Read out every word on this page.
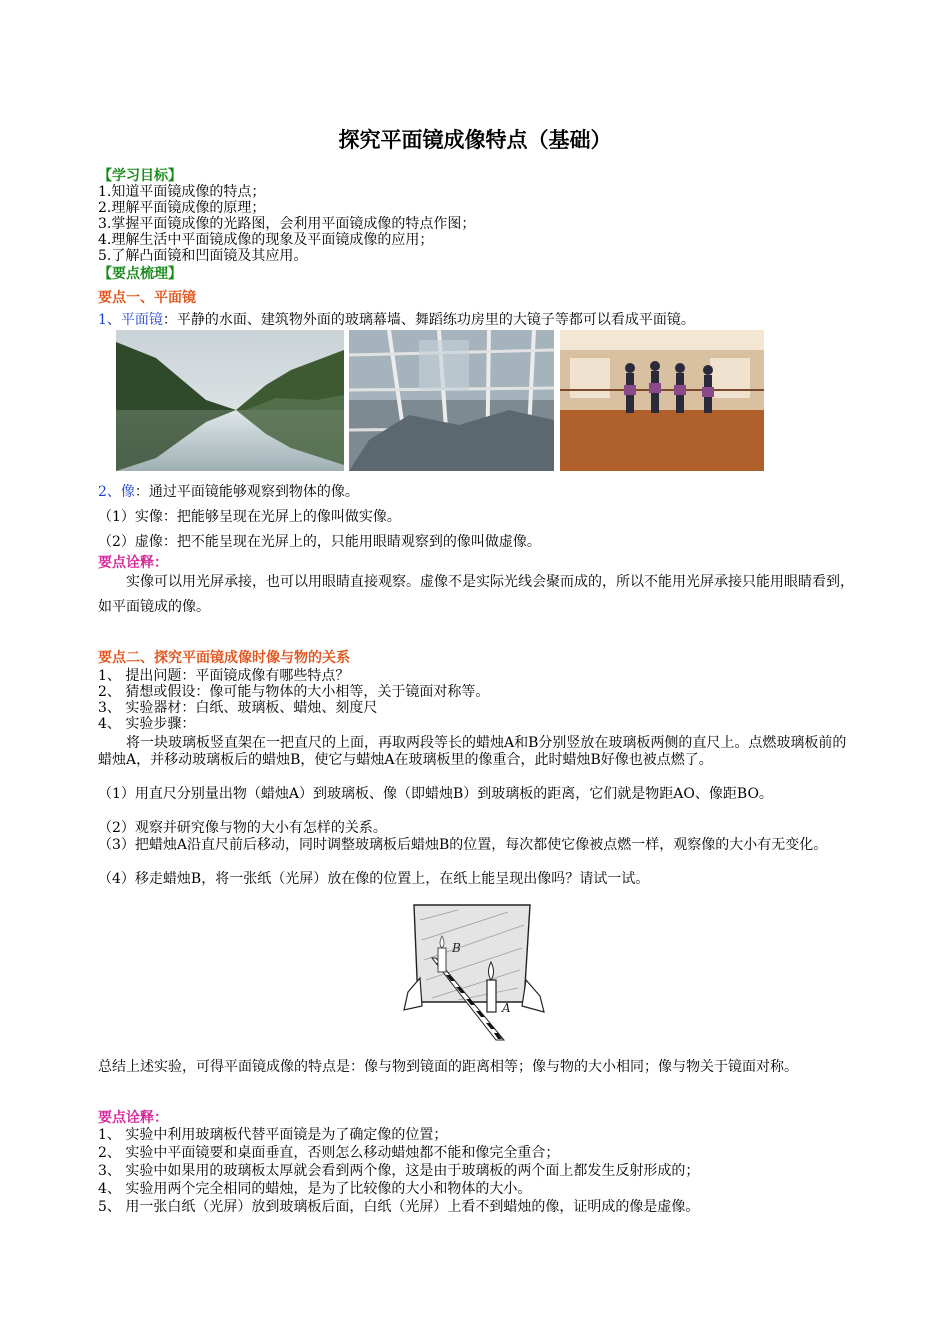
探究平面镜成像特点（基础）
【学习目标】
1.知道平面镜成像的特点；
2.理解平面镜成像的原理；
3.掌握平面镜成像的光路图，会利用平面镜成像的特点作图；
4.理解生活中平面镜成像的现象及平面镜成像的应用；
5.了解凸面镜和凹面镜及其应用。
【要点梳理】
要点一、平面镜
1、平面镜：平静的水面、建筑物外面的玻璃幕墙、舞蹈练功房里的大镜子等都可以看成平面镜。
2、像：通过平面镜能够观察到物体的像。
（1）实像：把能够呈现在光屏上的像叫做实像。
（2）虚像：把不能呈现在光屏上的，只能用眼睛观察到的像叫做虚像。
要点诠释：
实像可以用光屏承接，也可以用眼睛直接观察。虚像不是实际光线会聚而成的，所以不能用光屏承接只能用眼睛看到，如平面镜成的像。
要点二、探究平面镜成像时像与物的关系
1、 提出问题：平面镜成像有哪些特点？
2、 猜想或假设：像可能与物体的大小相等，关于镜面对称等。
3、 实验器材：白纸、玻璃板、蜡烛、刻度尺
4、 实验步骤：
将一块玻璃板竖直架在一把直尺的上面，再取两段等长的蜡烛A和B分别竖放在玻璃板两侧的直尺上。点燃玻璃板前的蜡烛A，并移动玻璃板后的蜡烛B，使它与蜡烛A在玻璃板里的像重合，此时蜡烛B好像也被点燃了。
（1）用直尺分别量出物（蜡烛A）到玻璃板、像（即蜡烛B）到玻璃板的距离，它们就是物距AO、像距BO。
（2）观察并研究像与物的大小有怎样的关系。
（3）把蜡烛A沿直尺前后移动，同时调整玻璃板后蜡烛B的位置，每次都使它像被点燃一样，观察像的大小有无变化。
（4）移走蜡烛B，将一张纸（光屏）放在像的位置上，在纸上能呈现出像吗？请试一试。
B
A
总结上述实验，可得平面镜成像的特点是：像与物到镜面的距离相等；像与物的大小相同；像与物关于镜面对称。
要点诠释：
1、 实验中利用玻璃板代替平面镜是为了确定像的位置；
2、 实验中平面镜要和桌面垂直，否则怎么移动蜡烛都不能和像完全重合；
3、 实验中如果用的玻璃板太厚就会看到两个像，这是由于玻璃板的两个面上都发生反射形成的；
4、 实验用两个完全相同的蜡烛，是为了比较像的大小和物体的大小。
5、 用一张白纸（光屏）放到玻璃板后面，白纸（光屏）上看不到蜡烛的像，证明成的像是虚像。
